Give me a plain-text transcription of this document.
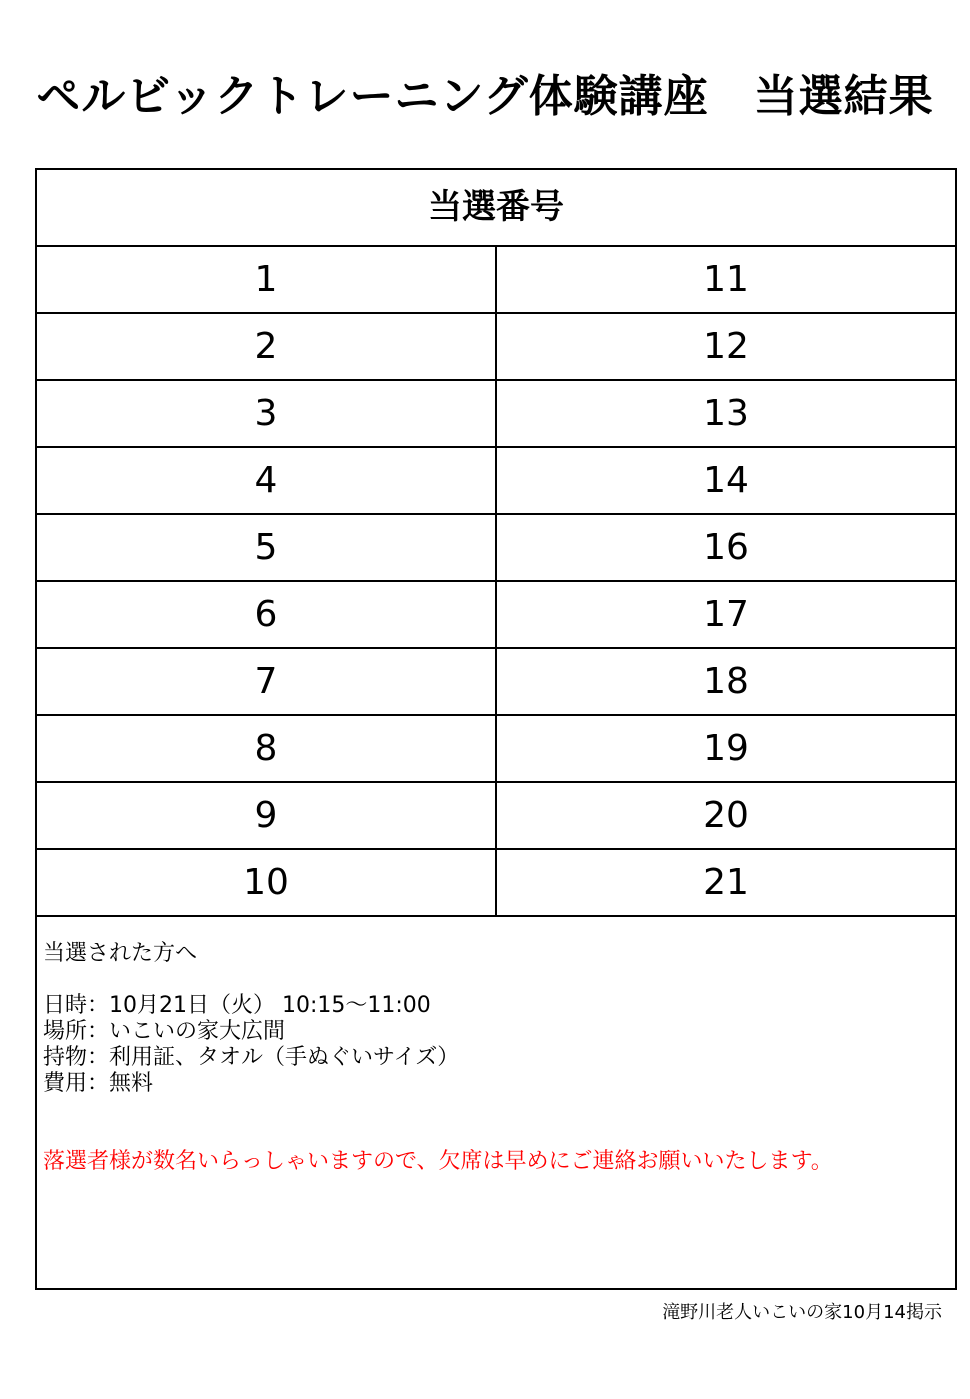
ペルビックトレーニング体験講座　当選結果
当選番号
1	11
2	12
3	13
4	14
5	16
6	17
7	18
8	19
9	20
10	21
当選された方へ
日時：10月21日（火） 10:15～11:00
場所：いこいの家大広間
持物：利用証、タオル（手ぬぐいサイズ）
費用：無料
落選者様が数名いらっしゃいますので、欠席は早めにご連絡お願いいたします。
滝野川老人いこいの家10月14掲示
